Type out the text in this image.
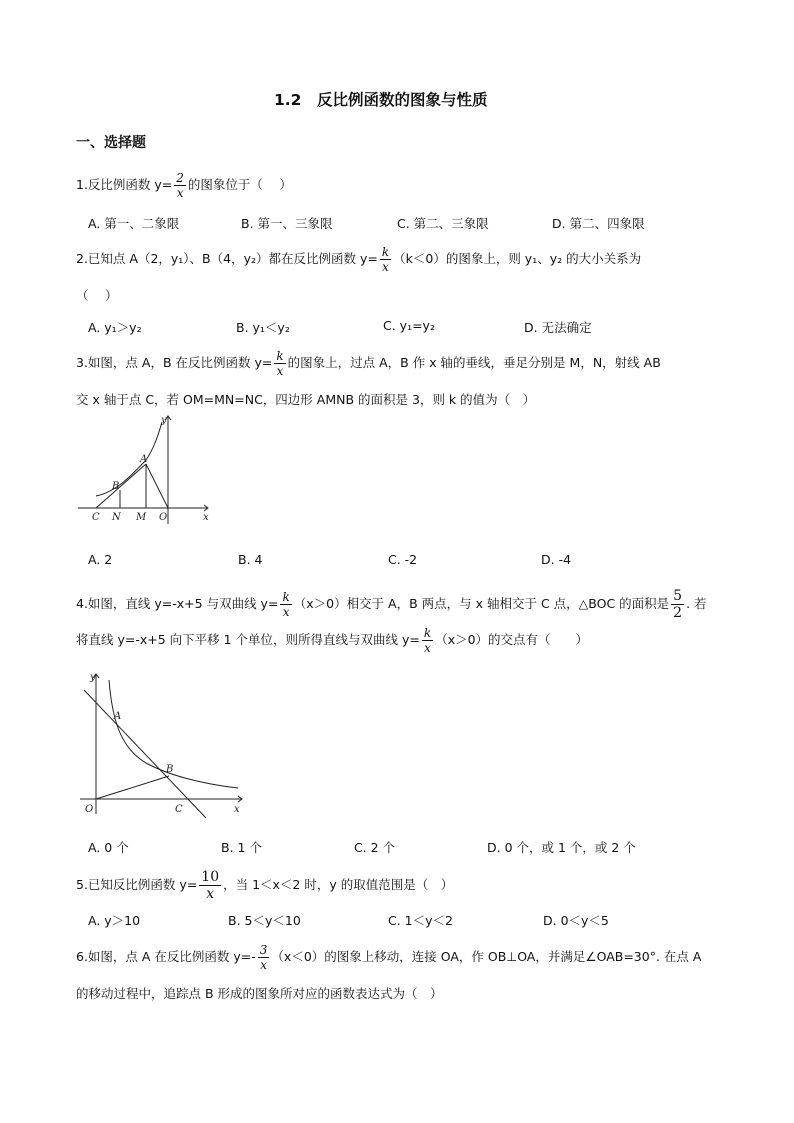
1.2　反比例函数的图象与性质
一、选择题
1.反比例函数 $y= \frac{2}{x}$ 的图象位于（　 ）
A. 第一、二象限	B. 第一、三象限	C. 第二、三象限	D. 第二、四象限
2.已知点 A（2，y₁）、B（4，y₂）都在反比例函数 $y= \frac{k}{x} (k<0)$的图象上，则 y₁、y₂ 的大小关系为
（　 ）
A. y₁＞y₂	B. y₁＜y₂	C. y₁=y₂	D. 无法确定
3.如图，点 A，B 在反比例函数 $y= \frac{k}{x}$ 的图象上，过点 A，B 作 x 轴的垂线，垂足分别是 M，N，射线 AB
交 x 轴于点 C，若 OM=MN=NC，四边形 AMNB 的面积是 3，则 k 的值为（　）
y
x
A
B
C N M O
A. 2	B. 4	C. -2	D. -4
4.如图，直线 y=-x+5 与双曲线 $y= \frac{k}{x} (x>0)$相交于 A，B 两点，与 x 轴相交于 C 点，△BOC 的面积是 $\frac{5}{2}$ . 若
将直线 y=-x+5 向下平移 1 个单位，则所得直线与双曲线 $y= \frac{k}{x} (x>0)$的交点有（　　）
y
x
A
B
C
O
A. 0 个	B. 1 个	C. 2 个	D. 0 个，或 1 个，或 2 个
5.已知反比例函数 $y= \frac{10}{x}$ ，当 1＜x＜2 时，y 的取值范围是（　）
A. y＞10	B. 5＜y＜10	C. 1＜y＜2	D. 0＜y＜5
6.如图，点 A 在反比例函数 $y=- \frac{3}{x} (x<0)$的图象上移动，连接 OA，作 OB⊥OA，并满足∠OAB=30°. 在点 A
的移动过程中，追踪点 B 形成的图象所对应的函数表达式为（　）
